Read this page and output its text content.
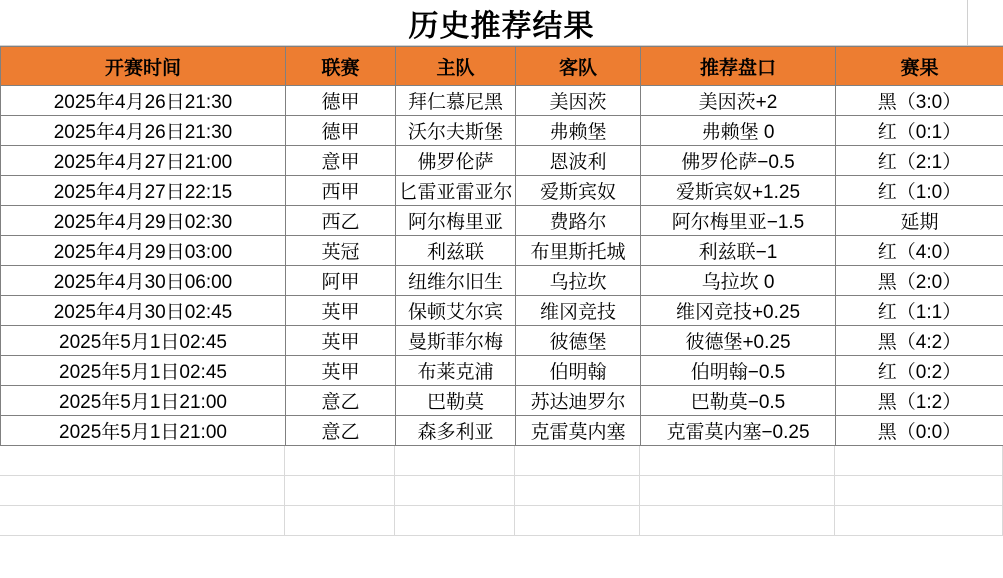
历史推荐结果
开赛时间	联赛	主队	客队	推荐盘口	赛果
2025年4月26日21:30	德甲	拜仁慕尼黑	美因茨	美因茨+2	黑（3:0）
2025年4月26日21:30	德甲	沃尔夫斯堡	弗赖堡	弗赖堡 0	红（0:1）
2025年4月27日21:00	意甲	佛罗伦萨	恩波利	佛罗伦萨−0.5	红（2:1）
2025年4月27日22:15	西甲	匕雷亚雷亚尔	爱斯宾奴	爱斯宾奴+1.25	红（1:0）
2025年4月29日02:30	西乙	阿尔梅里亚	费路尔	阿尔梅里亚−1.5	延期
2025年4月29日03:00	英冠	利兹联	布里斯托城	利兹联−1	红（4:0）
2025年4月30日06:00	阿甲	纽维尔旧生	乌拉坎	乌拉坎 0	黑（2:0）
2025年4月30日02:45	英甲	保顿艾尔宾	维冈竞技	维冈竞技+0.25	红（1:1）
2025年5月1日02:45	英甲	曼斯菲尔梅	彼德堡	彼德堡+0.25	黑（4:2）
2025年5月1日02:45	英甲	布莱克浦	伯明翰	伯明翰−0.5	红（0:2）
2025年5月1日21:00	意乙	巴勒莫	苏达迪罗尔	巴勒莫−0.5	黑（1:2）
2025年5月1日21:00	意乙	森多利亚	克雷莫内塞	克雷莫内塞−0.25	黑（0:0）
